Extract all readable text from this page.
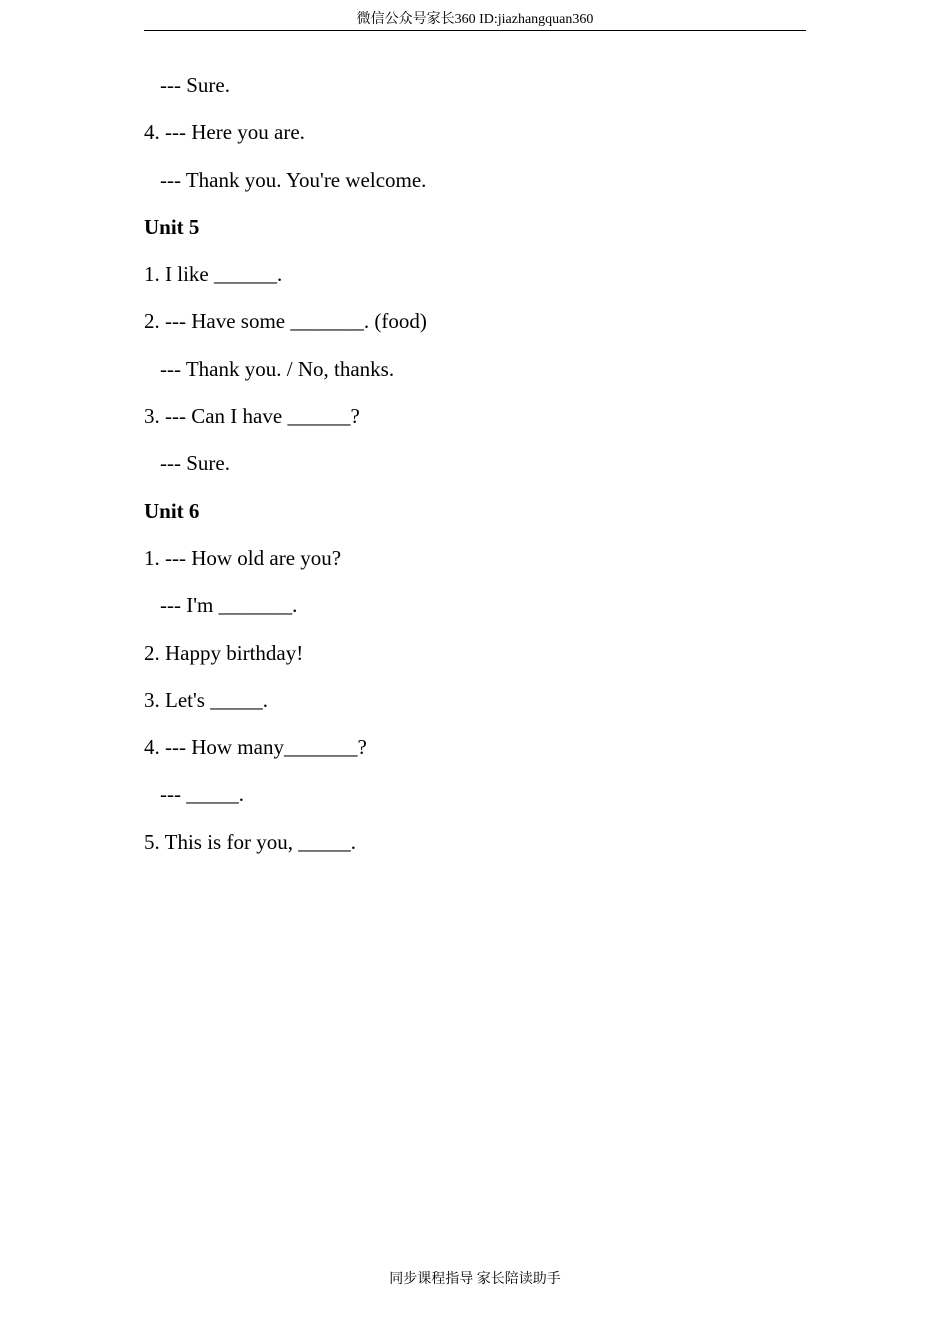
微信公众号家长360 ID:jiazhangquan360
--- Sure.
4. --- Here you are.
--- Thank you. You're welcome.
Unit 5
1. I like ______.
2. --- Have some _______. (food)
--- Thank you. / No, thanks.
3. --- Can I have ______?
--- Sure.
Unit 6
1. --- How old are you?
--- I'm _______.
2. Happy birthday!
3. Let's _____.
4. --- How many_______?
--- _____.
5. This is for you, _____.
同步课程指导 家长陪读助手
